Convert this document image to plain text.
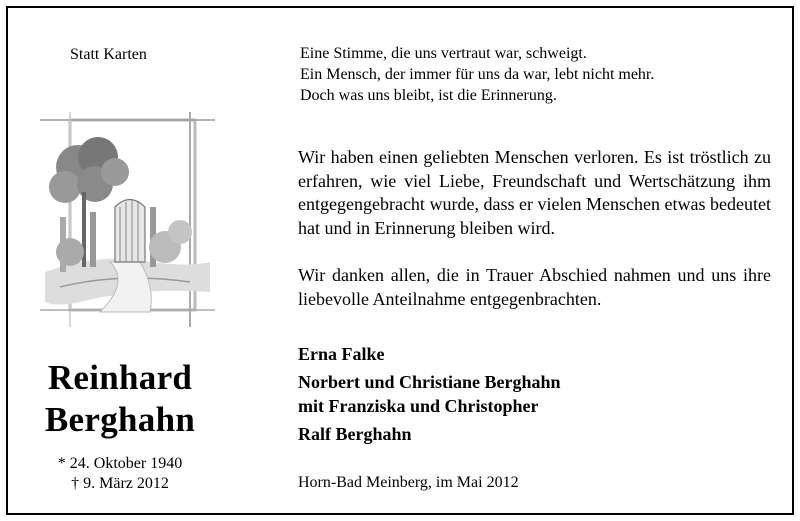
Statt Karten
Reinhard
Berghahn
* 24. Oktober 1940
† 9. März 2012
Eine Stimme, die uns vertraut war, schweigt.
Ein Mensch, der immer für uns da war, lebt nicht mehr.
Doch was uns bleibt, ist die Erinnerung.
Wir haben einen geliebten Menschen verloren. Es ist tröstlich zu erfahren, wie viel Liebe, Freundschaft und Wertschätzung ihm entgegengebracht wurde, dass er vielen Menschen etwas bedeutet hat und in Erinnerung bleiben wird.
Wir danken allen, die in Trauer Abschied nahmen und uns ihre liebevolle Anteilnahme entgegenbrachten.
Erna Falke
Norbert und Christiane Berghahn
mit Franziska und Christopher
Ralf Berghahn
Horn-Bad Meinberg, im Mai 2012
